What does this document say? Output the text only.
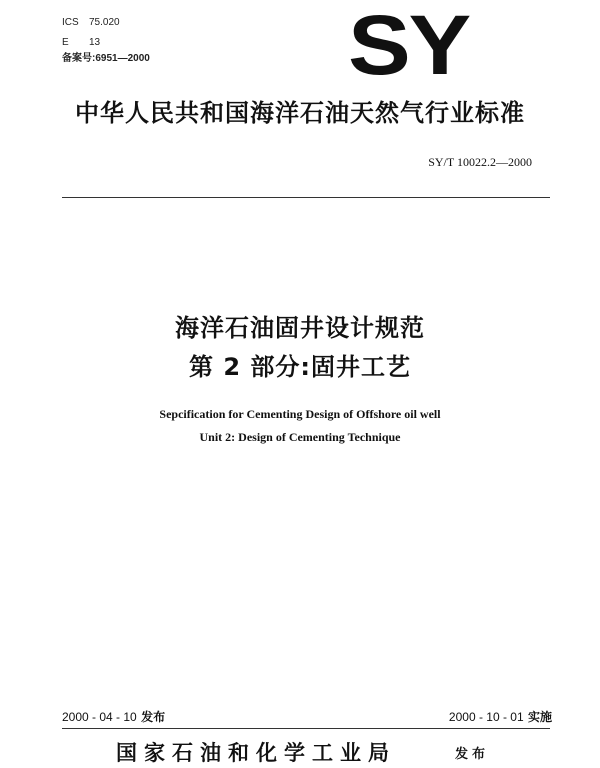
ICS 75.020
E 13
备案号:6951—2000 SY
中华人民共和国海洋石油天然气行业标准
SY/T 10022.2—2000
海洋石油固井设计规范
第 2 部分:固井工艺
Sepcification for Cementing Design of Offshore oil well
Unit 2: Design of Cementing Technique
2000 - 04 - 10 发布	2000 - 10 - 01 实施
国家石油和化学工业局	发布
